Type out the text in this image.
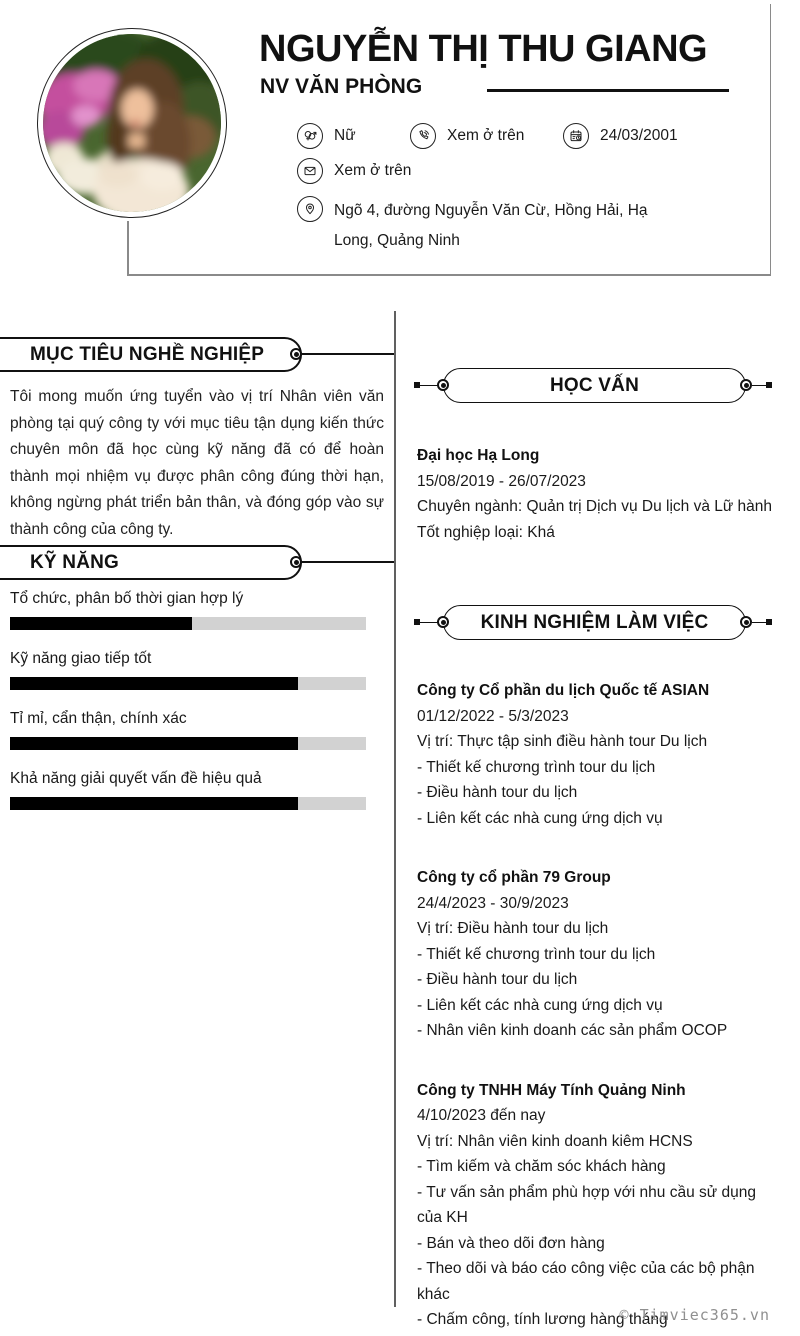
NGUYỄN THỊ THU GIANG
NV VĂN PHÒNG
Nữ	Xem ở trên	24/03/2001
Xem ở trên
Ngõ 4, đường Nguyễn Văn Cừ, Hồng Hải, Hạ Long, Quảng Ninh
MỤC TIÊU NGHỀ NGHIỆP
Tôi mong muốn ứng tuyển vào vị trí Nhân viên văn phòng tại quý công ty với mục tiêu tận dụng kiến thức chuyên môn đã học cùng kỹ năng đã có để hoàn thành mọi nhiệm vụ được phân công đúng thời hạn, không ngừng phát triển bản thân, và đóng góp vào sự thành công của công ty.
KỸ NĂNG
Tổ chức, phân bố thời gian hợp lý
Kỹ năng giao tiếp tốt
Tỉ mỉ, cẩn thận, chính xác
Khả năng giải quyết vấn đề hiệu quả
HỌC VẤN
Đại học Hạ Long
15/08/2019 - 26/07/2023
Chuyên ngành: Quản trị Dịch vụ Du lịch và Lữ hành
Tốt nghiệp loại: Khá
KINH NGHIỆM LÀM VIỆC
Công ty Cổ phần du lịch Quốc tế ASIAN
01/12/2022 - 5/3/2023
Vị trí: Thực tập sinh điều hành tour Du lịch
- Thiết kế chương trình tour du lịch
- Điều hành tour du lịch
- Liên kết các nhà cung ứng dịch vụ
Công ty cổ phần 79 Group
24/4/2023 - 30/9/2023
Vị trí: Điều hành tour du lịch
- Thiết kế chương trình tour du lịch
- Điều hành tour du lịch
- Liên kết các nhà cung ứng dịch vụ
- Nhân viên kinh doanh các sản phẩm OCOP
Công ty TNHH Máy Tính Quảng Ninh
4/10/2023 đến nay
Vị trí: Nhân viên kinh doanh kiêm HCNS
- Tìm kiếm và chăm sóc khách hàng
- Tư vấn sản phẩm phù hợp với nhu cầu sử dụng của KH
- Bán và theo dõi đơn hàng
- Theo dõi và báo cáo công việc của các bộ phận khác
- Chấm công, tính lương hàng tháng
© Timviec365.vn
